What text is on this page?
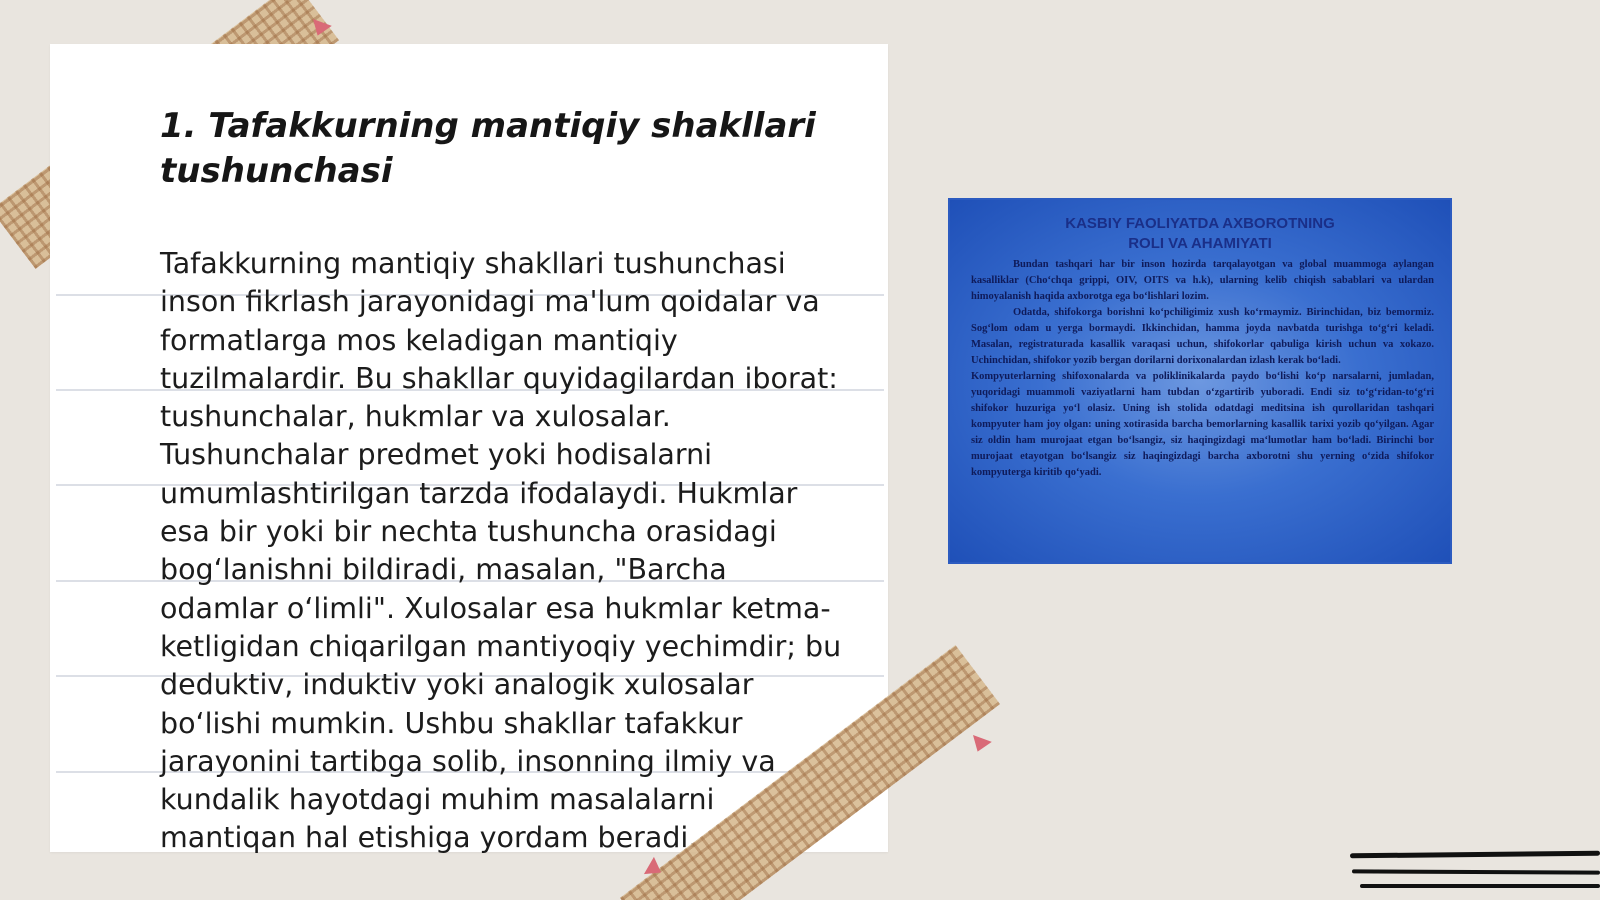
1. Tafakkurning mantiqiy shakllari tushunchasi

Tafakkurning mantiqiy shakllari tushunchasi inson fikrlash jarayonidagi ma'lum qoidalar va formatlarga mos keladigan mantiqiy tuzilmalardir. Bu shakllar quyidagilardan iborat: tushunchalar, hukmlar va xulosalar. Tushunchalar predmet yoki hodisalarni umumlashtirilgan tarzda ifodalaydi. Hukmlar esa bir yoki bir nechta tushuncha orasidagi bog‘lanishni bildiradi, masalan, "Barcha odamlar o‘limli". Xulosalar esa hukmlar ketma-ketligidan chiqarilgan mantiyoqiy yechimdir; bu deduktiv, induktiv yoki analogik xulosalar bo‘lishi mumkin. Ushbu shakllar tafakkur jarayonini tartibga solib, insonning ilmiy va kundalik hayotdagi muhim masalalarni mantiqan hal etishiga yordam beradi.

KASBIY FAOLIYATDA AXBOROTNING
ROLI VA AHAMIYATI

Bundan tashqari har bir inson hozirda tarqalayotgan va global muammoga aylangan kasalliklar (Cho‘chqa grippi, OIV, OITS va h.k), ularning kelib chiqish sabablari va ulardan himoyalanish haqida axborotga ega bo‘lishlari lozim.

Odatda, shifokorga borishni ko‘pchiligimiz xush ko‘rmaymiz. Birinchidan, biz bemormiz. Sog‘lom odam u yerga bormaydi. Ikkinchidan, hamma joyda navbatda turishga to‘g‘ri keladi. Masalan, registraturada kasallik varaqasi uchun, shifokorlar qabuliga kirish uchun va xokazo. Uchinchidan, shifokor yozib bergan dorilarni dorixonalardan izlash kerak bo‘ladi.

Kompyuterlarning shifoxonalarda va poliklinikalarda paydo bo‘lishi ko‘p narsalarni, jumladan, yuqoridagi muammoli vaziyatlarni ham tubdan o‘zgartirib yuboradi. Endi siz to‘g‘ridan-to‘g‘ri shifokor huzuriga yo‘l olasiz. Uning ish stolida odatdagi meditsina ish qurollaridan tashqari kompyuter ham joy olgan: uning xotirasida barcha bemorlarning kasallik tarixi yozib qo‘yilgan. Agar siz oldin ham murojaat etgan bo‘lsangiz, siz haqingizdagi ma‘lumotlar ham bo‘ladi. Birinchi bor murojaat etayotgan bo‘lsangiz siz haqingizdagi barcha axborotni shu yerning o‘zida shifokor kompyuterga kiritib qo‘yadi.
